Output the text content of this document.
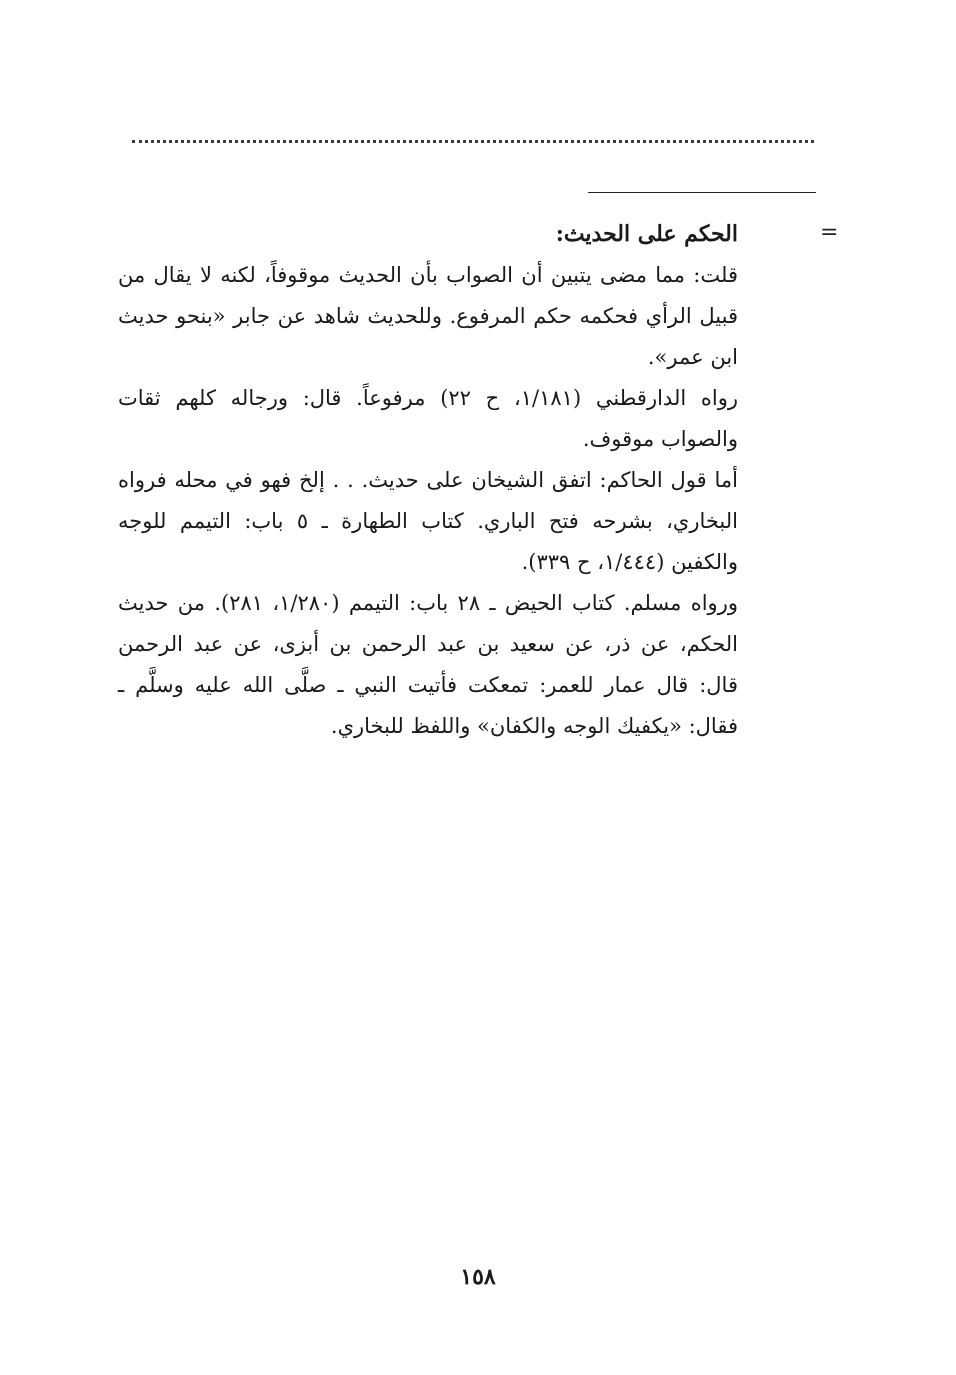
=

الحكم على الحديث:

قلت: مما مضى يتبين أن الصواب بأن الحديث موقوفاً، لكنه لا يقال من قبيل الرأي فحكمه حكم المرفوع. وللحديث شاهد عن جابر «بنحو حديث ابن عمر».

رواه الدارقطني (١/١٨١، ح ٢٢) مرفوعاً. قال: ورجاله كلهم ثقات والصواب موقوف.

أما قول الحاكم: اتفق الشيخان على حديث. . . إلخ فهو في محله فرواه البخاري، بشرحه فتح الباري. كتاب الطهارة ـ ٥ باب: التيمم للوجه والكفين (١/٤٤٤، ح ٣٣٩).

ورواه مسلم. كتاب الحيض ـ ٢٨ باب: التيمم (١/٢٨٠، ٢٨١). من حديث الحكم، عن ذر، عن سعيد بن عبد الرحمن بن أبزى، عن عبد الرحمن قال: قال عمار للعمر: تمعكت فأتيت النبي ـ صلَّى الله عليه وسلَّم ـ فقال: «يكفيك الوجه والكفان» واللفظ للبخاري.

١٥٨
